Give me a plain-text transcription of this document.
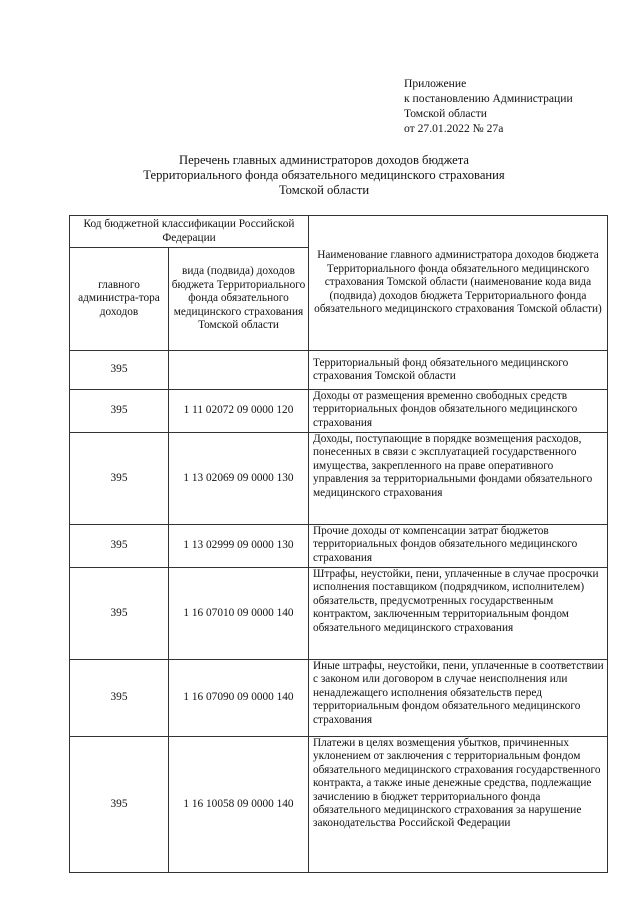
Приложение
к постановлению Администрации
Томской области
от 27.01.2022 № 27а
Перечень главных администраторов доходов бюджета
Территориального фонда обязательного медицинского страхования
Томской области
Код бюджетной классификации Российской Федерации		Наименование главного администратора доходов бюджета Территориального фонда обязательного медицинского страхования Томской области (наименование кода вида (подвида) доходов бюджета Территориального фонда обязательного медицинского страхования Томской области)
главного администра-тора доходов	вида (подвида) доходов бюджета Территориального фонда обязательного медицинского страхования Томской области	
395		Территориальный фонд обязательного медицинского страхования Томской области
395	1 11 02072 09 0000 120	Доходы от размещения временно свободных средств территориальных фондов обязательного медицинского страхования
395	1 13 02069 09 0000 130	Доходы, поступающие в порядке возмещения расходов, понесенных в связи с эксплуатацией государственного имущества, закрепленного на праве оперативного управления за территориальными фондами обязательного медицинского страхования
395	1 13 02999 09 0000 130	Прочие доходы от компенсации затрат бюджетов территориальных фондов обязательного медицинского страхования
395	1 16 07010 09 0000 140	Штрафы, неустойки, пени, уплаченные в случае просрочки исполнения поставщиком (подрядчиком, исполнителем) обязательств, предусмотренных государственным контрактом, заключенным территориальным фондом обязательного медицинского страхования
395	1 16 07090 09 0000 140	Иные штрафы, неустойки, пени, уплаченные в соответствии с законом или договором в случае неисполнения или ненадлежащего исполнения обязательств перед территориальным фондом обязательного медицинского страхования
395	1 16 10058 09 0000 140	Платежи в целях возмещения убытков, причиненных уклонением от заключения с территориальным фондом обязательного медицинского страхования государственного контракта, а также иные денежные средства, подлежащие зачислению в бюджет территориального фонда обязательного медицинского страхования за нарушение законодательства Российской Федерации
